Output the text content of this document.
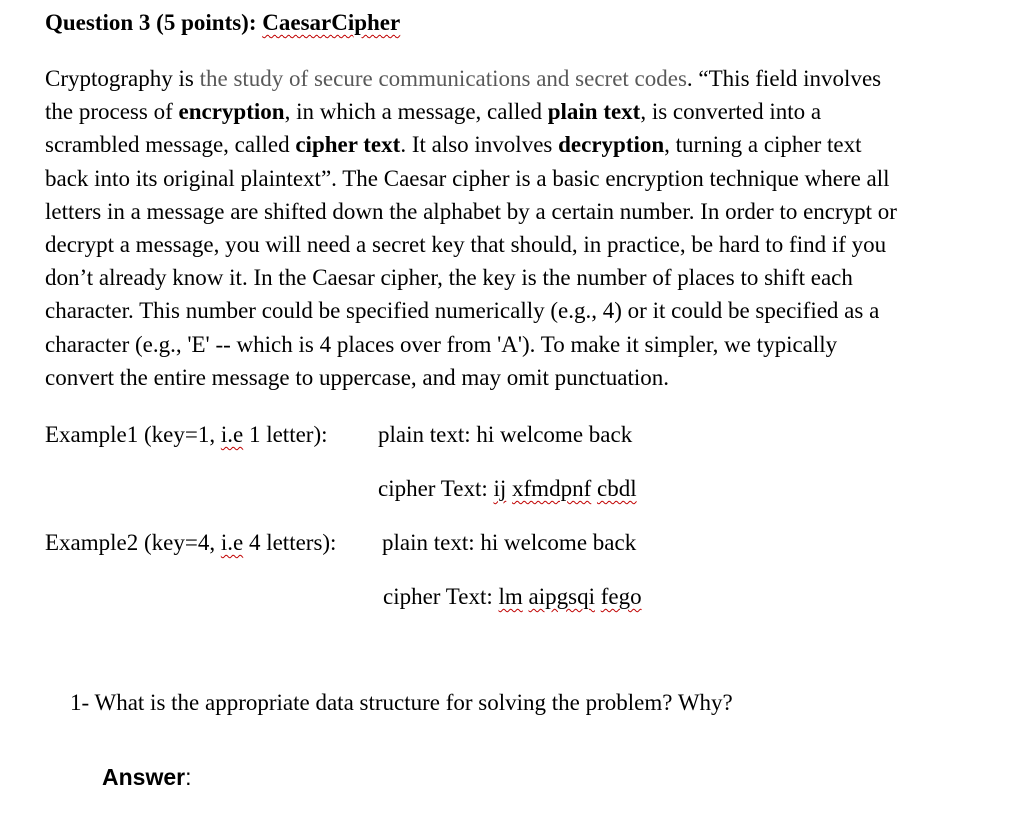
Question 3 (5 points): CaesarCipher
Cryptography is the study of secure communications and secret codes. “This field involves
the process of encryption, in which a message, called plain text, is converted into a
scrambled message, called cipher text. It also involves decryption, turning a cipher text
back into its original plaintext”. The Caesar cipher is a basic encryption technique where all
letters in a message are shifted down the alphabet by a certain number. In order to encrypt or
decrypt a message, you will need a secret key that should, in practice, be hard to find if you
don’t already know it. In the Caesar cipher, the key is the number of places to shift each
character. This number could be specified numerically (e.g., 4) or it could be specified as a
character (e.g., 'E' -- which is 4 places over from 'A'). To make it simpler, we typically
convert the entire message to uppercase, and may omit punctuation.
Example1 (key=1, i.e 1 letter): plain text: hi welcome back
cipher Text: ij xfmdpnf cbdl
Example2 (key=4, i.e 4 letters): plain text: hi welcome back
cipher Text: lm aipgsqi fego
1- What is the appropriate data structure for solving the problem? Why?
Answer:
